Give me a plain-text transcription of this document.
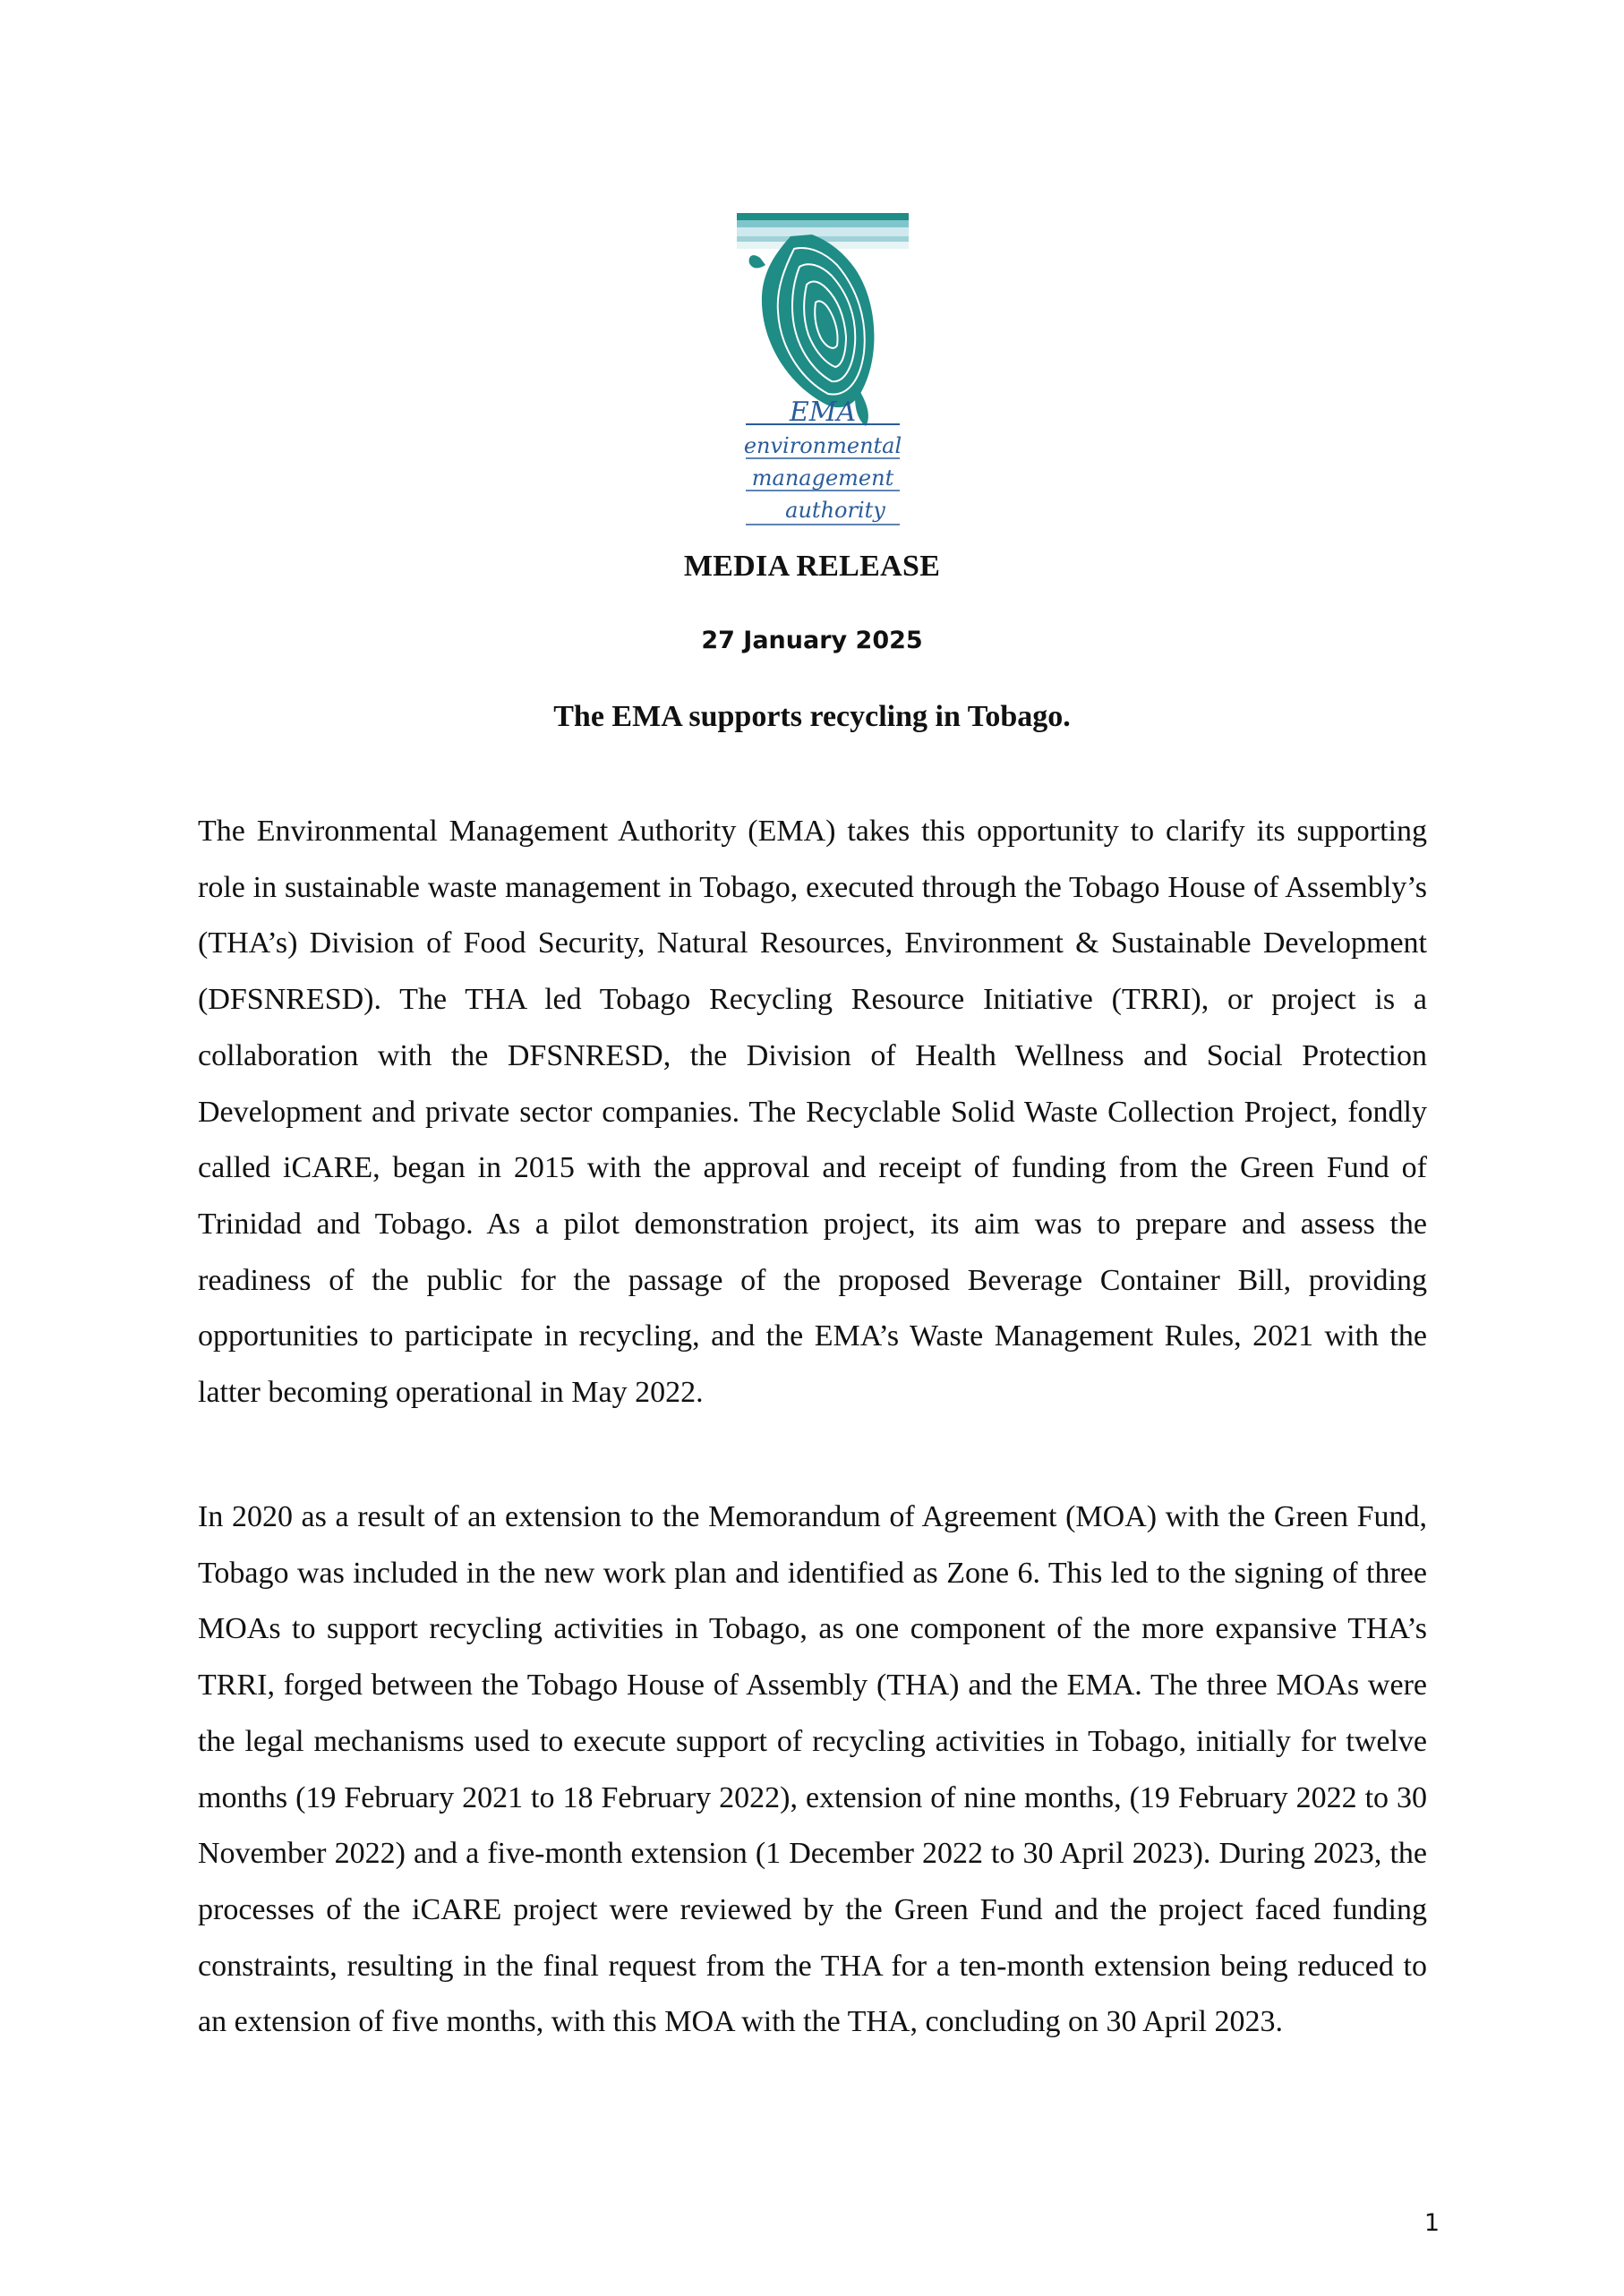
EMA
environmental
management
authority
MEDIA RELEASE
27 January 2025
The EMA supports recycling in Tobago.

The Environmental Management Authority (EMA) takes this opportunity to clarify its supporting role in sustainable waste management in Tobago, executed through the Tobago House of Assembly’s (THA’s) Division of Food Security, Natural Resources, Environment & Sustainable Development (DFSNRESD). The THA led Tobago Recycling Resource Initiative (TRRI), or project is a collaboration with the DFSNRESD, the Division of Health Wellness and Social Protection Development and private sector companies. The Recyclable Solid Waste Collection Project, fondly called iCARE, began in 2015 with the approval and receipt of funding from the Green Fund of Trinidad and Tobago. As a pilot demonstration project, its aim was to prepare and assess the readiness of the public for the passage of the proposed Beverage Container Bill, providing opportunities to participate in recycling, and the EMA’s Waste Management Rules, 2021 with the latter becoming operational in May 2022.

In 2020 as a result of an extension to the Memorandum of Agreement (MOA) with the Green Fund, Tobago was included in the new work plan and identified as Zone 6. This led to the signing of three MOAs to support recycling activities in Tobago, as one component of the more expansive THA’s TRRI, forged between the Tobago House of Assembly (THA) and the EMA. The three MOAs were the legal mechanisms used to execute support of recycling activities in Tobago, initially for twelve months (19 February 2021 to 18 February 2022), extension of nine months, (19 February 2022 to 30 November 2022) and a five-month extension (1 December 2022 to 30 April 2023). During 2023, the processes of the iCARE project were reviewed by the Green Fund and the project faced funding constraints, resulting in the final request from the THA for a ten-month extension being reduced to an extension of five months, with this MOA with the THA, concluding on 30 April 2023.

1
